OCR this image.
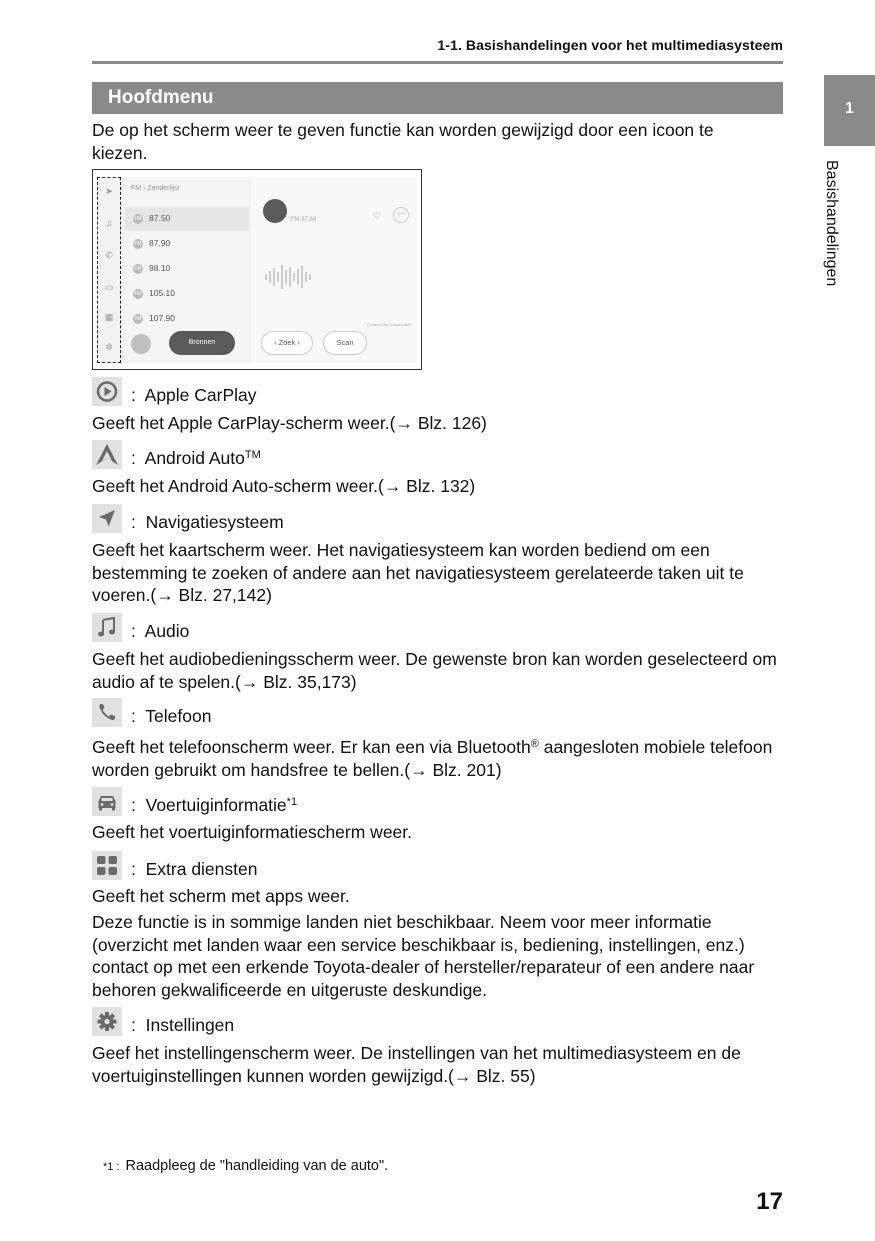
1-1. Basishandelingen voor het multimediasysteem
1
Basishandelingen
Hoofdmenu
De op het scherm weer te geven functie kan worden gewijzigd door een icoon te kiezen.
➤
♫
✆
▭
▦
✲
FM › Zenderlijst
FM 87.50
FM 87.90
FM 98.10
FM 105.10
FM 107.90
Bronnen
FM 87.50	♡	···
Powered by Gracenote®
‹ Zoek ›	Scan
: Apple CarPlay
Geeft het Apple CarPlay-scherm weer.(→ Blz. 126)
: Android Auto™
Geeft het Android Auto-scherm weer.(→ Blz. 132)
: Navigatiesysteem
Geeft het kaartscherm weer. Het navigatiesysteem kan worden bediend om een bestemming te zoeken of andere aan het navigatiesysteem gerelateerde taken uit te voeren.(→ Blz. 27,142)
: Audio
Geeft het audiobedieningsscherm weer. De gewenste bron kan worden geselecteerd om audio af te spelen.(→ Blz. 35,173)
: Telefoon
Geeft het telefoonscherm weer. Er kan een via Bluetooth® aangesloten mobiele telefoon worden gebruikt om handsfree te bellen.(→ Blz. 201)
: Voertuiginformatie$^{*1}$
Geeft het voertuiginformatiescherm weer.
: Extra diensten
Geeft het scherm met apps weer.
Deze functie is in sommige landen niet beschikbaar. Neem voor meer informatie (overzicht met landen waar een service beschikbaar is, bediening, instellingen, enz.) contact op met een erkende Toyota-dealer of hersteller/reparateur of een andere naar behoren gekwalificeerde en uitgeruste deskundige.
: Instellingen
Geef het instellingenscherm weer. De instellingen van het multimediasysteem en de voertuiginstellingen kunnen worden gewijzigd.(→ Blz. 55)
*1 : Raadpleeg de "handleiding van de auto".
17
